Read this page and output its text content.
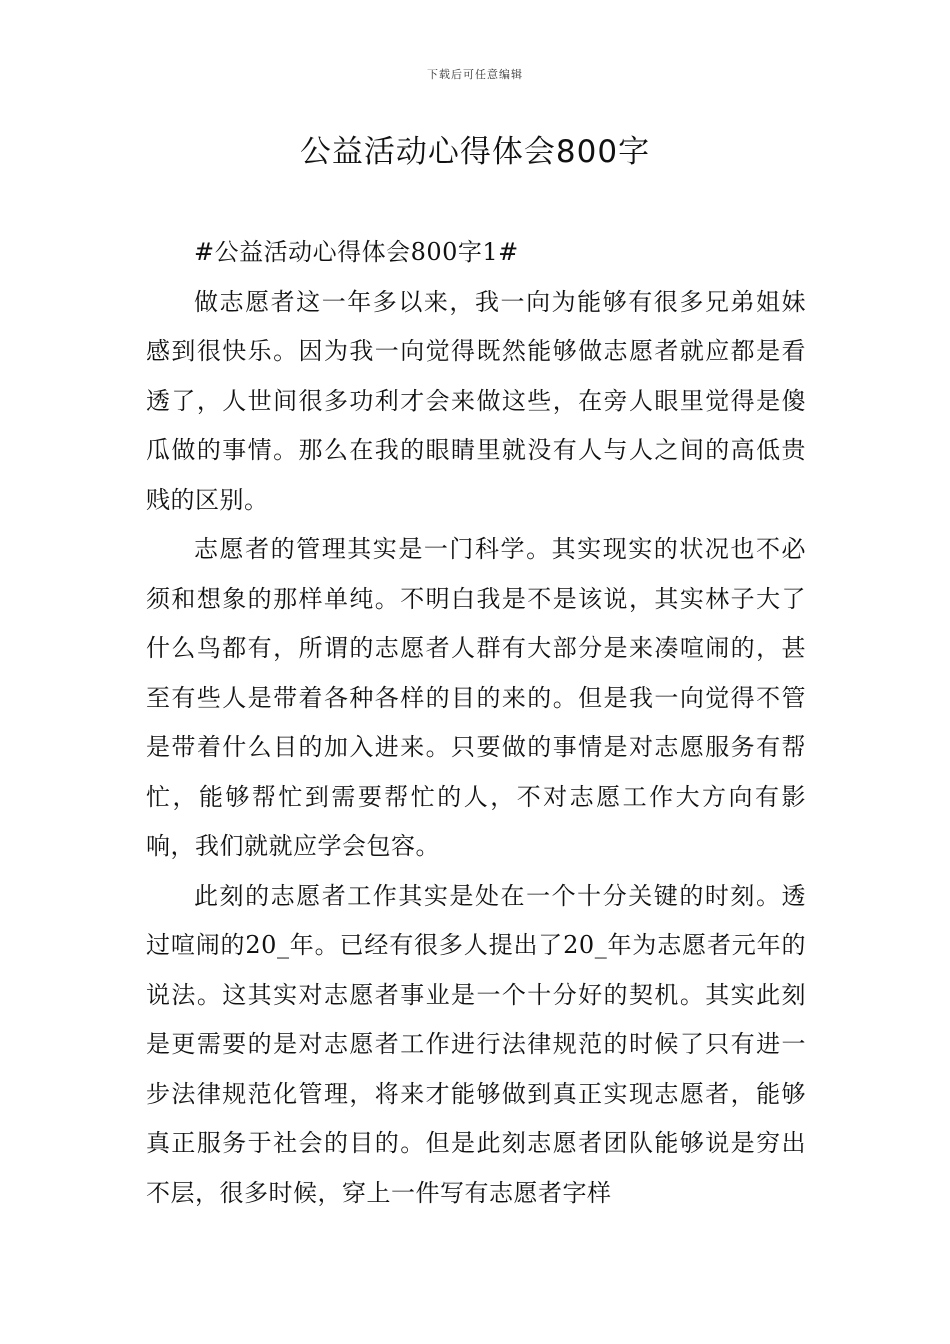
下载后可任意编辑
公益活动心得体会800字

#公益活动心得体会800字1#

做志愿者这一年多以来，我一向为能够有很多兄弟姐妹感到很快乐。因为我一向觉得既然能够做志愿者就应都是看透了，人世间很多功利才会来做这些，在旁人眼里觉得是傻瓜做的事情。那么在我的眼睛里就没有人与人之间的高低贵贱的区别。

志愿者的管理其实是一门科学。其实现实的状况也不必须和想象的那样单纯。不明白我是不是该说，其实林子大了什么鸟都有，所谓的志愿者人群有大部分是来凑喧闹的，甚至有些人是带着各种各样的目的来的。但是我一向觉得不管是带着什么目的加入进来。只要做的事情是对志愿服务有帮忙，能够帮忙到需要帮忙的人，不对志愿工作大方向有影响，我们就就应学会包容。

此刻的志愿者工作其实是处在一个十分关键的时刻。透过喧闹的20_年。已经有很多人提出了20_年为志愿者元年的说法。这其实对志愿者事业是一个十分好的契机。其实此刻是更需要的是对志愿者工作进行法律规范的时候了只有进一步法律规范化管理，将来才能够做到真正实现志愿者，能够真正服务于社会的目的。但是此刻志愿者团队能够说是穷出不层，很多时候，穿上一件写有志愿者字样
